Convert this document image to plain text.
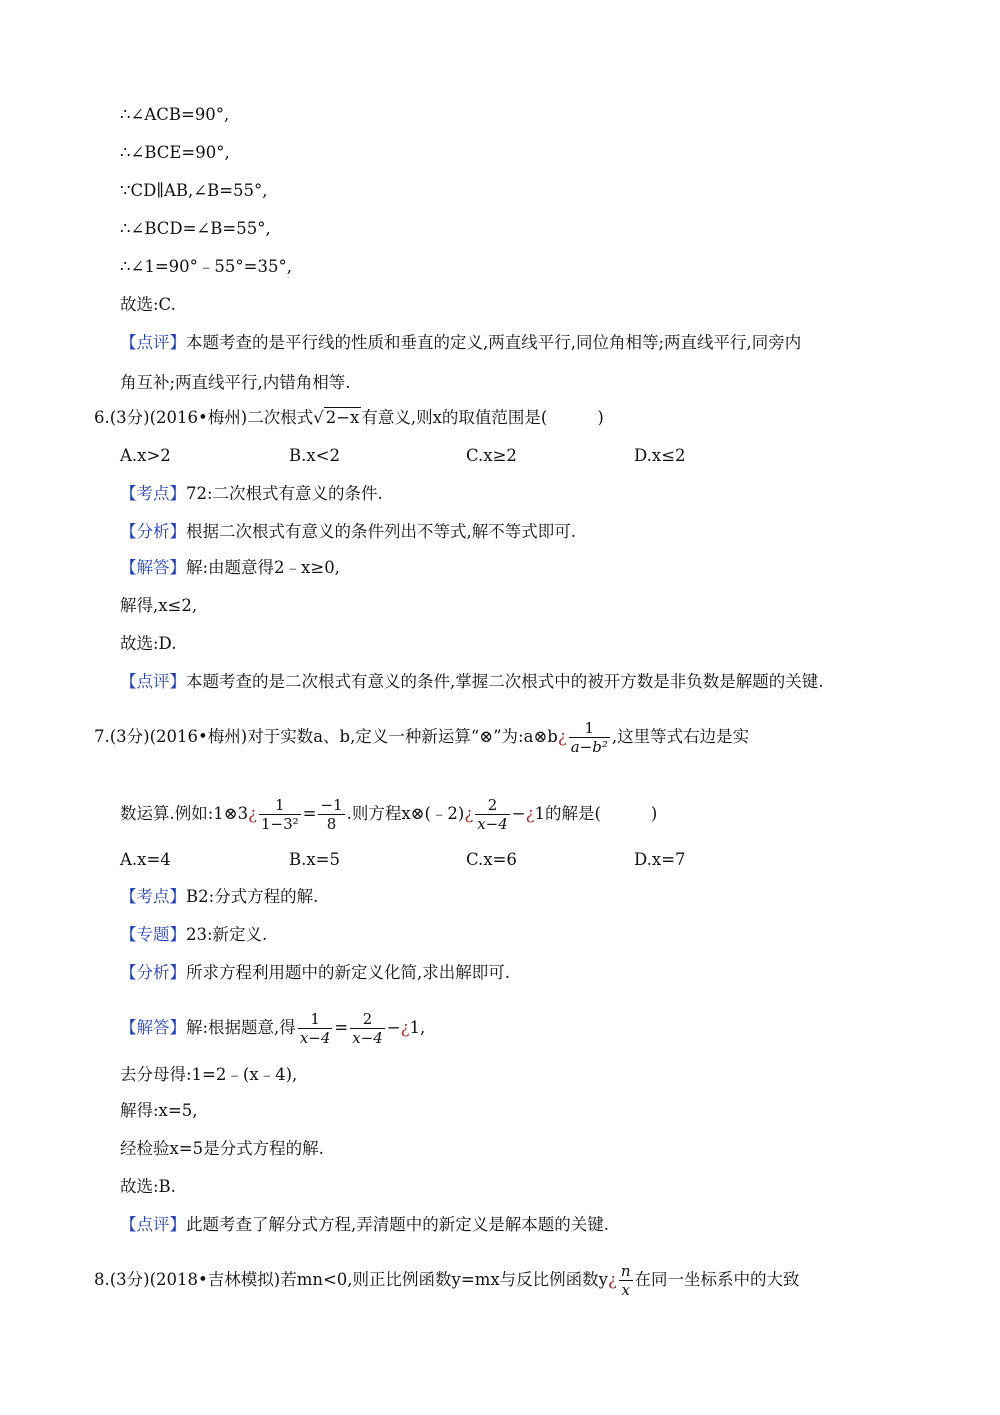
∴∠ACB=90°,
∴∠BCE=90°,
∵CD∥AB,∠B=55°,
∴∠BCD=∠B=55°,
∴∠1=90°﹣55°=35°,
故选:C.
【点评】本题考查的是平行线的性质和垂直的定义,两直线平行,同位角相等;两直线平行,同旁内
角互补;两直线平行,内错角相等.
6.(3分)(2016•梅州)二次根式√ 2−x 有意义,则x的取值范围是(	)
A.x>2	B.x<2	C.x≥2	D.x≤2
【考点】72:二次根式有意义的条件.
【分析】根据二次根式有意义的条件列出不等式,解不等式即可.
【解答】解:由题意得2﹣x≥0,
解得,x≤2,
故选:D.
【点评】本题考查的是二次根式有意义的条件,掌握二次根式中的被开方数是非负数是解题的关键.
7.(3分)(2016•梅州)对于实数a、b,定义一种新运算“⊗”为:a⊗b¿ $\frac{1}{\text{a−b²}}$ ,这里等式右边是实
数运算.例如:1⊗3¿ $\frac{1}{\text{1−3²}} = \frac{-1}{8}$ .则方程x⊗(﹣2)¿ $\frac{2}{x-4}$ −¿1的解是(	)
A.x=4	B.x=5	C.x=6	D.x=7
【考点】B2:分式方程的解.
【专题】23:新定义.
【分析】所求方程利用题中的新定义化简,求出解即可.
【解答】解:根据题意,得 $\frac{1}{x-4} = \frac{2}{x-4}$ −¿1,
去分母得:1=2﹣(x﹣4),
解得:x=5,
经检验x=5是分式方程的解.
故选:B.
【点评】此题考查了解分式方程,弄清题中的新定义是解本题的关键.
8.(3分)(2018•吉林模拟)若mn<0,则正比例函数y=mx与反比例函数y¿ $\frac{n}{x}$ 在同一坐标系中的大致
